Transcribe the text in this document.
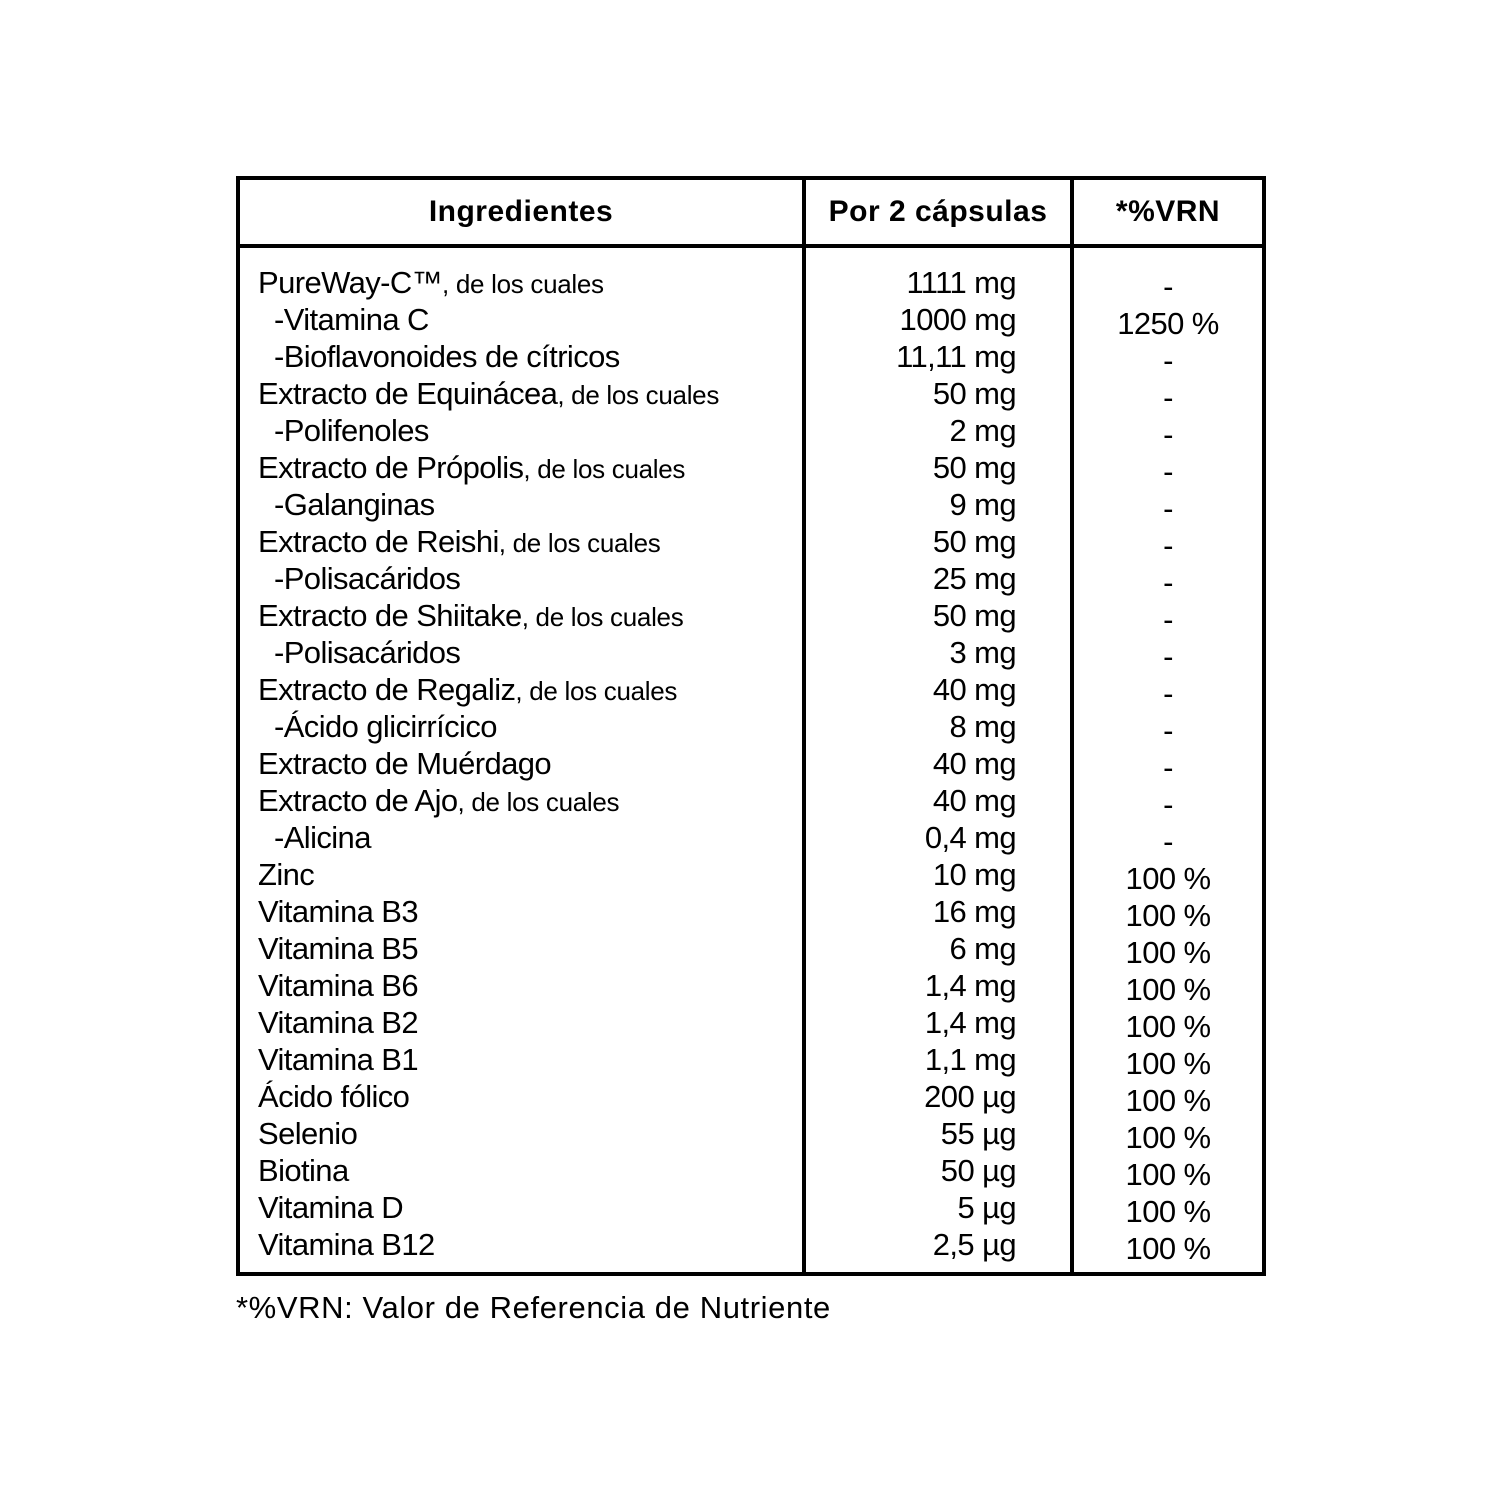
Ingredientes	Por 2 cápsulas	*%VRN
PureWay-C™, de los cuales	1111 mg	-
-Vitamina C	1000 mg	1250 %
-Bioflavonoides de cítricos	11,11 mg	-
Extracto de Equinácea, de los cuales	50 mg	-
-Polifenoles	2 mg	-
Extracto de Própolis, de los cuales	50 mg	-
-Galanginas	9 mg	-
Extracto de Reishi, de los cuales	50 mg	-
-Polisacáridos	25 mg	-
Extracto de Shiitake, de los cuales	50 mg	-
-Polisacáridos	3 mg	-
Extracto de Regaliz, de los cuales	40 mg	-
-Ácido glicirrícico	8 mg	-
Extracto de Muérdago	40 mg	-
Extracto de Ajo, de los cuales	40 mg	-
-Alicina	0,4 mg	-
Zinc	10 mg	100 %
Vitamina B3	16 mg	100 %
Vitamina B5	6 mg	100 %
Vitamina B6	1,4 mg	100 %
Vitamina B2	1,4 mg	100 %
Vitamina B1	1,1 mg	100 %
Ácido fólico	200 µg	100 %
Selenio	55 µg	100 %
Biotina	50 µg	100 %
Vitamina D	5 µg	100 %
Vitamina B12	2,5 µg	100 %
*%VRN: Valor de Referencia de Nutriente
